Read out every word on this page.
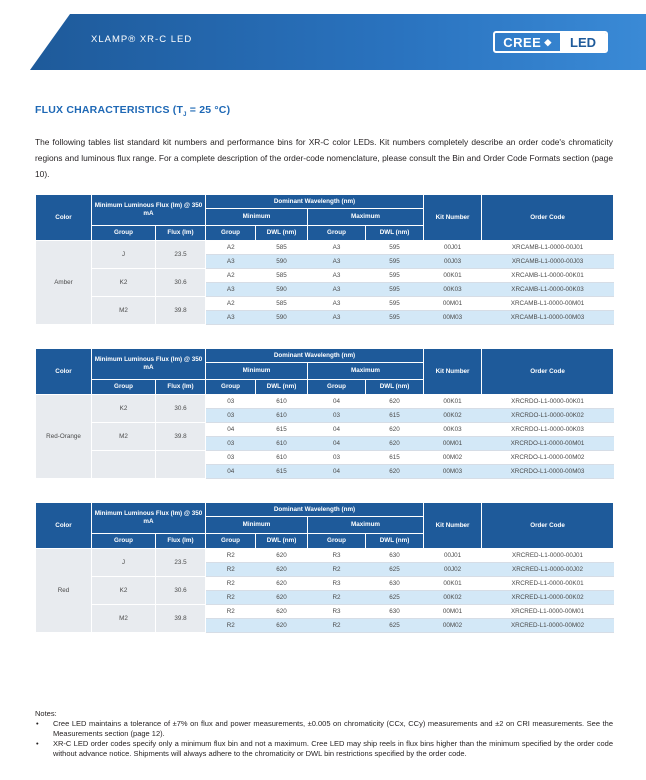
XLAMP® XR-C LED	CREE ◆	LED
FLUX CHARACTERISTICS ($T_J = 25$ °C)

The following tables list standard kit numbers and performance bins for XR-C color LEDs. Kit numbers completely describe an order code's chromaticity regions and luminous flux range. For a complete description of the order-code nomenclature, please consult the Bin and Order Code Formats section (page 10).

Color	Minimum Luminous Flux (lm) @ 350 mA		Dominant Wavelength (nm)				Kit Number	Order Code
			Minimum		Maximum			
	Group	Flux (lm)	Group	DWL (nm)	Group	DWL (nm)		
Amber	J	23.5	A2	585	A3	595	00J01	XRCAMB-L1-0000-00J01
			A3	590	A3	595	00J03	XRCAMB-L1-0000-00J03
	K2	30.6	A2	585	A3	595	00K01	XRCAMB-L1-0000-00K01
			A3	590	A3	595	00K03	XRCAMB-L1-0000-00K03
	M2	39.8	A2	585	A3	595	00M01	XRCAMB-L1-0000-00M01
			A3	590	A3	595	00M03	XRCAMB-L1-0000-00M03
Color	Minimum Luminous Flux (lm) @ 350 mA		Dominant Wavelength (nm)				Kit Number	Order Code
			Minimum		Maximum			
	Group	Flux (lm)	Group	DWL (nm)	Group	DWL (nm)		
Red-Orange	K2	30.6	03	610	04	620	00K01	XRCRDO-L1-0000-00K01
			03	610	03	615	00K02	XRCRDO-L1-0000-00K02
	M2	39.8	04	615	04	620	00K03	XRCRDO-L1-0000-00K03
			03	610	04	620	00M01	XRCRDO-L1-0000-00M01
			03	610	03	615	00M02	XRCRDO-L1-0000-00M02
			04	615	04	620	00M03	XRCRDO-L1-0000-00M03
Color	Minimum Luminous Flux (lm) @ 350 mA		Dominant Wavelength (nm)				Kit Number	Order Code
			Minimum		Maximum			
	Group	Flux (lm)	Group	DWL (nm)	Group	DWL (nm)		
Red	J	23.5	R2	620	R3	630	00J01	XRCRED-L1-0000-00J01
			R2	620	R2	625	00J02	XRCRED-L1-0000-00J02
	K2	30.6	R2	620	R3	630	00K01	XRCRED-L1-0000-00K01
			R2	620	R2	625	00K02	XRCRED-L1-0000-00K02
	M2	39.8	R2	620	R3	630	00M01	XRCRED-L1-0000-00M01
			R2	620	R2	625	00M02	XRCRED-L1-0000-00M02
Notes:
• Cree LED maintains a tolerance of ±7% on flux and power measurements, ±0.005 on chromaticity (CCx, CCy) measurements and ±2 on CRI measurements. See the Measurements section (page 12).
• XR-C LED order codes specify only a minimum flux bin and not a maximum. Cree LED may ship reels in flux bins higher than the minimum specified by the order code without advance notice. Shipments will always adhere to the chromaticity or DWL bin restrictions specified by the order code.
